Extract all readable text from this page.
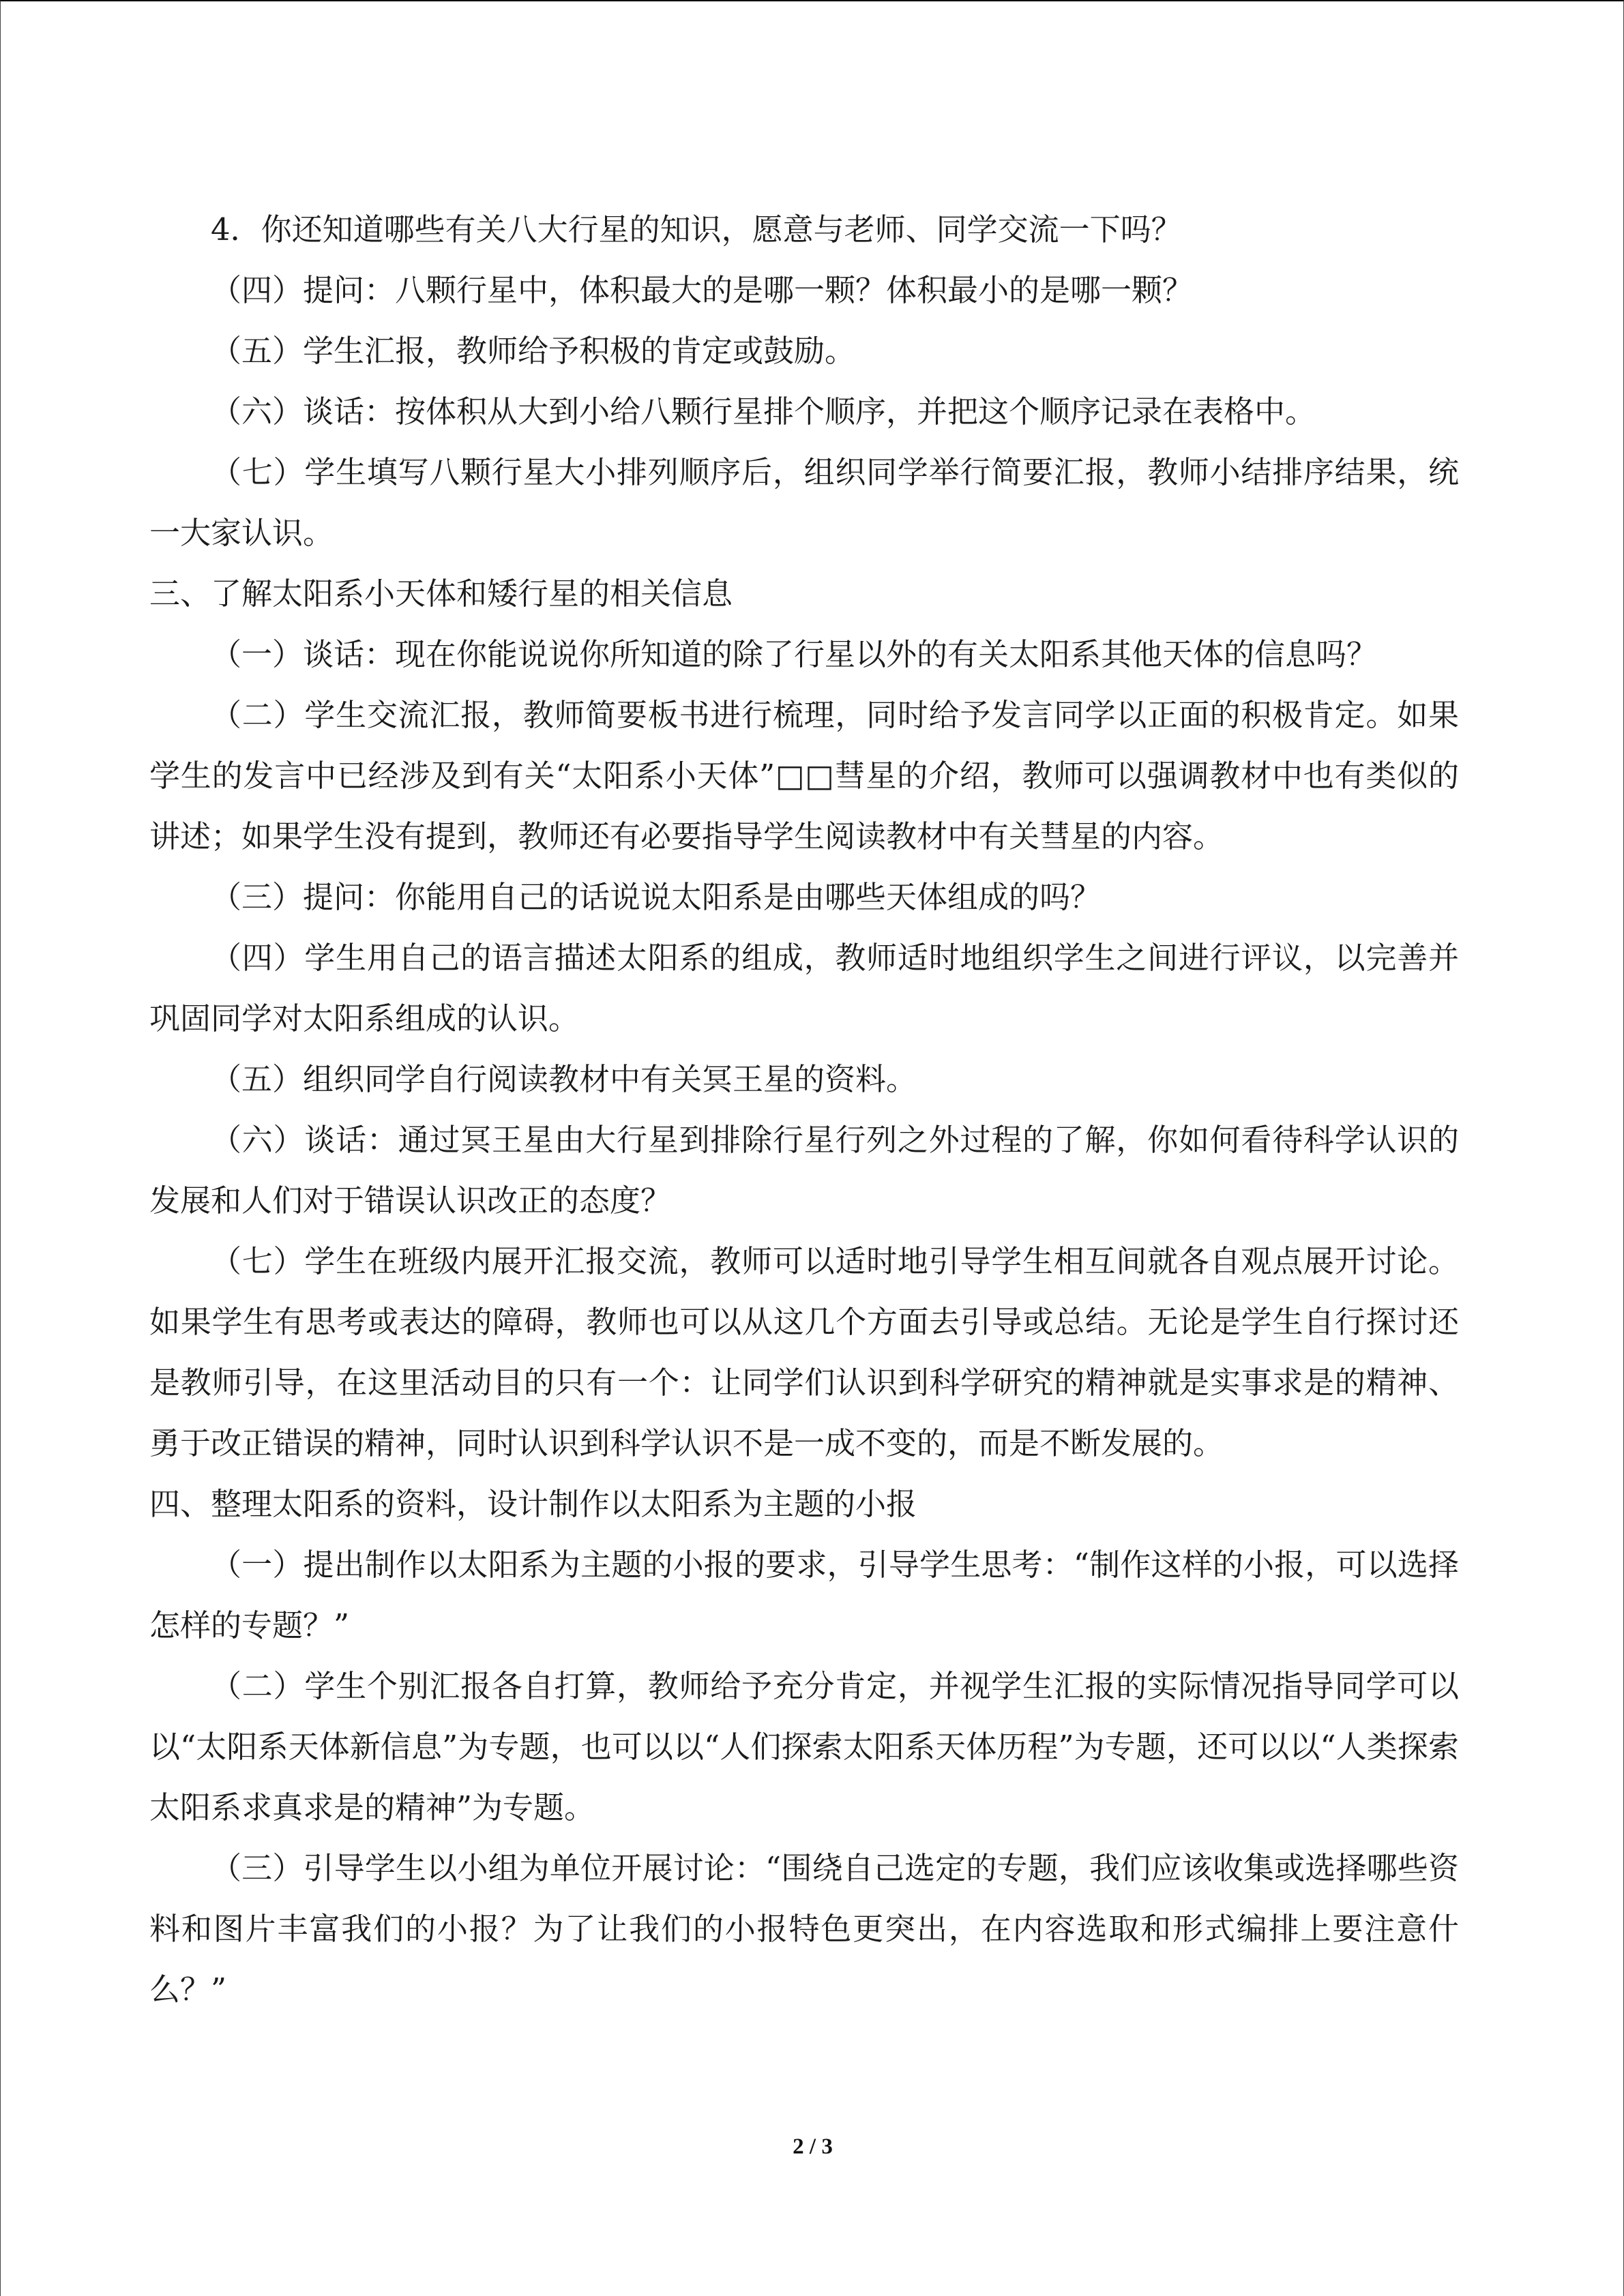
4．你还知道哪些有关八大行星的知识，愿意与老师、同学交流一下吗？

（四）提问：八颗行星中，体积最大的是哪一颗？体积最小的是哪一颗？

（五）学生汇报，教师给予积极的肯定或鼓励。

（六）谈话：按体积从大到小给八颗行星排个顺序，并把这个顺序记录在表格中。

（七）学生填写八颗行星大小排列顺序后，组织同学举行简要汇报，教师小结排序结果，统一大家认识。

三、了解太阳系小天体和矮行星的相关信息

（一）谈话：现在你能说说你所知道的除了行星以外的有关太阳系其他天体的信息吗？

（二）学生交流汇报，教师简要板书进行梳理，同时给予发言同学以正面的积极肯定。如果学生的发言中已经涉及到有关“太阳系小天体”□□彗星的介绍，教师可以强调教材中也有类似的讲述；如果学生没有提到，教师还有必要指导学生阅读教材中有关彗星的内容。

（三）提问：你能用自己的话说说太阳系是由哪些天体组成的吗？

（四）学生用自己的语言描述太阳系的组成，教师适时地组织学生之间进行评议，以完善并巩固同学对太阳系组成的认识。

（五）组织同学自行阅读教材中有关冥王星的资料。

（六）谈话：通过冥王星由大行星到排除行星行列之外过程的了解，你如何看待科学认识的发展和人们对于错误认识改正的态度？

（七）学生在班级内展开汇报交流，教师可以适时地引导学生相互间就各自观点展开讨论。如果学生有思考或表达的障碍，教师也可以从这几个方面去引导或总结。无论是学生自行探讨还是教师引导，在这里活动目的只有一个：让同学们认识到科学研究的精神就是实事求是的精神、勇于改正错误的精神，同时认识到科学认识不是一成不变的，而是不断发展的。

四、整理太阳系的资料，设计制作以太阳系为主题的小报

（一）提出制作以太阳系为主题的小报的要求，引导学生思考：“制作这样的小报，可以选择怎样的专题？”

（二）学生个别汇报各自打算，教师给予充分肯定，并视学生汇报的实际情况指导同学可以以“太阳系天体新信息”为专题，也可以以“人们探索太阳系天体历程”为专题，还可以以“人类探索太阳系求真求是的精神”为专题。

（三）引导学生以小组为单位开展讨论：“围绕自己选定的专题，我们应该收集或选择哪些资料和图片丰富我们的小报？为了让我们的小报特色更突出，在内容选取和形式编排上要注意什么？”

2 / 3
